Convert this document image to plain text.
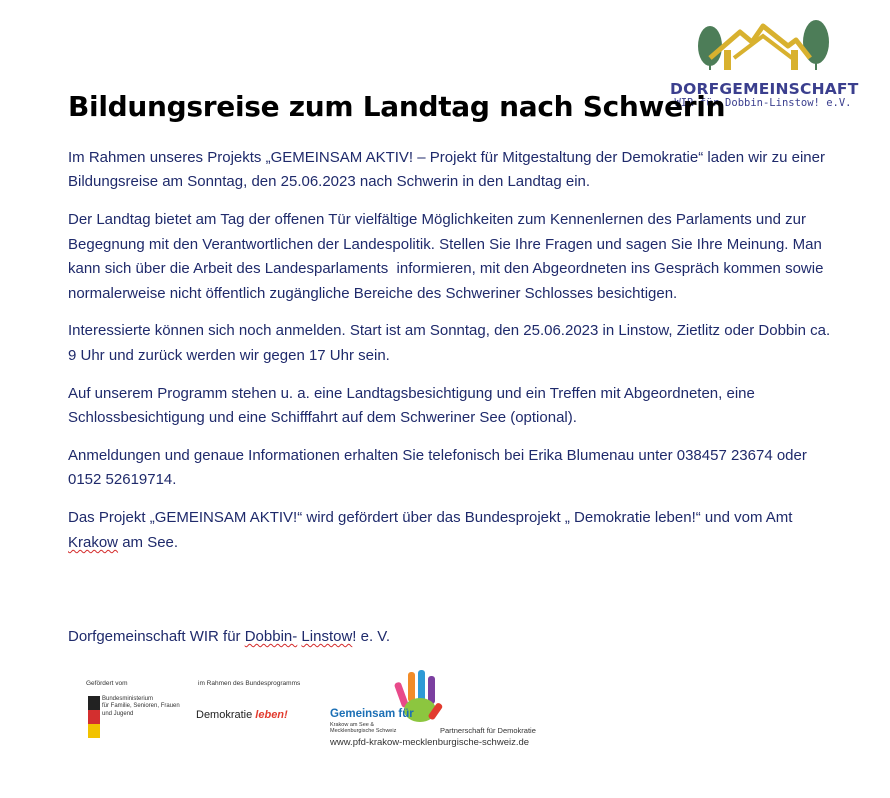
DORFGEMEINSCHAFT
WIR für Dobbin-Linstow! e.V.
Bildungsreise zum Landtag nach Schwerin

Im Rahmen unseres Projekts „GEMEINSAM AKTIV! – Projekt für Mitgestaltung der Demokratie“ laden wir zu einer Bildungsreise am Sonntag, den 25.06.2023 nach Schwerin in den Landtag ein.

Der Landtag bietet am Tag der offenen Tür vielfältige Möglichkeiten zum Kennenlernen des Parlaments und zur Begegnung mit den Verantwortlichen der Landespolitik. Stellen Sie Ihre Fragen und sagen Sie Ihre Meinung. Man kann sich über die Arbeit des Landesparlaments  informieren, mit den Abgeordneten ins Gespräch kommen sowie normalerweise nicht öffentlich zugängliche Bereiche des Schweriner Schlosses besichtigen.

Interessierte können sich noch anmelden. Start ist am Sonntag, den 25.06.2023 in Linstow, Zietlitz oder Dobbin ca. 9 Uhr und zurück werden wir gegen 17 Uhr sein.

Auf unserem Programm stehen u. a. eine Landtagsbesichtigung und ein Treffen mit Abgeordneten, eine Schlossbesichtigung und eine Schifffahrt auf dem Schweriner See (optional).

Anmeldungen und genaue Informationen erhalten Sie telefonisch bei Erika Blumenau unter 038457 23674 oder 0152 52619714.

Das Projekt „GEMEINSAM AKTIV!“ wird gefördert über das Bundesprojekt „ Demokratie leben!“ und vom Amt Krakow am See.

Dorfgemeinschaft WIR für Dobbin- Linstow! e. V.
Gefördert vom
Bundesministerium
für Familie, Senioren, Frauen
und Jugend
im Rahmen des Bundesprogramms
Demokratie leben!	Gemeinsam für
Krakow am See &
Mecklenburgische Schweiz	Partnerschaft für Demokratie
www.pfd-krakow-mecklenburgische-schweiz.de
